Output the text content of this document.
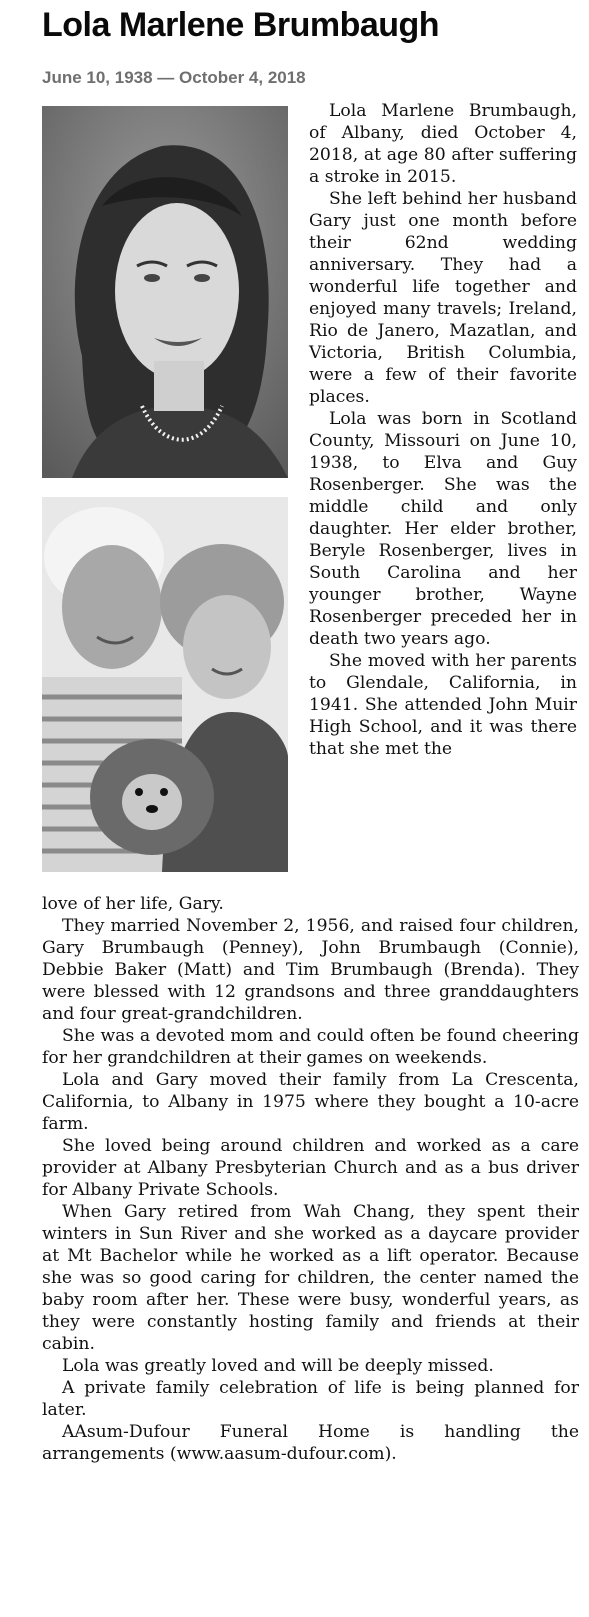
Lola Marlene Brumbaugh
June 10, 1938 — October 4, 2018

Lola Marlene Brumbaugh, of Albany, died October 4, 2018, at age 80 after suffering a stroke in 2015.

She left behind her husband Gary just one month before their 62nd wedding anniversary. They had a wonderful life together and enjoyed many travels; Ireland, Rio de Janero, Mazatlan, and Victoria, British Columbia, were a few of their favorite places.

Lola was born in Scotland County, Missouri on June 10, 1938, to Elva and Guy Rosenberger. She was the middle child and only daughter. Her elder brother, Beryle Rosenberger, lives in South Carolina and her younger brother, Wayne Rosenberger preceded her in death two years ago.

She moved with her parents to Glendale, California, in 1941. She attended John Muir High School, and it was there that she met the

love of her life, Gary.

They married November 2, 1956, and raised four children, Gary Brumbaugh (Penney), John Brumbaugh (Connie), Debbie Baker (Matt) and Tim Brumbaugh (Brenda). They were blessed with 12 grandsons and three granddaughters and four great-grandchildren.

She was a devoted mom and could often be found cheering for her grandchildren at their games on weekends.

Lola and Gary moved their family from La Crescenta, California, to Albany in 1975 where they bought a 10-acre farm.

She loved being around children and worked as a care provider at Albany Presbyterian Church and as a bus driver for Albany Private Schools.

When Gary retired from Wah Chang, they spent their winters in Sun River and she worked as a daycare provider at Mt Bachelor while he worked as a lift operator. Because she was so good caring for children, the center named the baby room after her. These were busy, wonderful years, as they were constantly hosting family and friends at their cabin.

Lola was greatly loved and will be deeply missed.

A private family celebration of life is being planned for later.

AAsum-Dufour Funeral Home is handling the arrangements (www.aasum-dufour.com).
